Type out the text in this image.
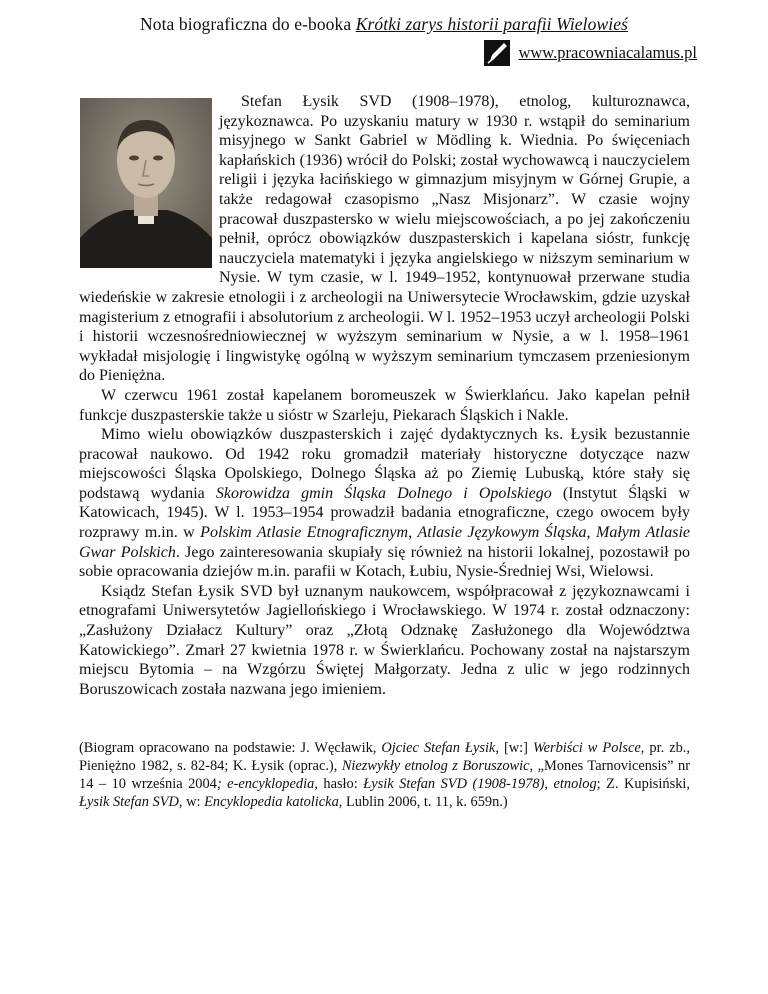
Nota biograficzna do e-booka Krótki zarys historii parafii Wielowieś
www.pracowniacalamus.pl

Stefan Łysik SVD (1908–1978), etnolog, kulturoznawca, językoznawca. Po uzyskaniu matury w 1930 r. wstąpił do seminarium misyjnego w Sankt Gabriel w Mödling k. Wiednia. Po święceniach kapłańskich (1936) wrócił do Polski; został wychowawcą i nauczycielem religii i języka łacińskiego w gimnazjum misyjnym w Górnej Grupie, a także redagował czasopismo „Nasz Misjonarz”. W czasie wojny pracował duszpastersko w wielu miejscowościach, a po jej zakończeniu pełnił, oprócz obowiązków duszpasterskich i kapelana sióstr, funkcję nauczyciela matematyki i języka angielskiego w niższym seminarium w Nysie. W tym czasie, w l. 1949–1952, kontynuował przerwane studia wiedeńskie w zakresie etnologii i z archeologii na Uniwersytecie Wrocławskim, gdzie uzyskał magisterium z etnografii i absolutorium z archeologii. W l. 1952–1953 uczył archeologii Polski i historii wczesnośredniowiecznej w wyższym seminarium w Nysie, a w l. 1958–1961 wykładał misjologię i lingwistykę ogólną w wyższym seminarium tymczasem przeniesionym do Pieniężna.

W czerwcu 1961 został kapelanem boromeuszek w Świerklańcu. Jako kapelan pełnił funkcje duszpasterskie także u sióstr w Szarleju, Piekarach Śląskich i Nakle.

Mimo wielu obowiązków duszpasterskich i zajęć dydaktycznych ks. Łysik bezustannie pracował naukowo. Od 1942 roku gromadził materiały historyczne dotyczące nazw miejscowości Śląska Opolskiego, Dolnego Śląska aż po Ziemię Lubuską, które stały się podstawą wydania Skorowidza gmin Śląska Dolnego i Opolskiego (Instytut Śląski w Katowicach, 1945). W l. 1953–1954 prowadził badania etnograficzne, czego owocem były rozprawy m.in. w Polskim Atlasie Etnograficznym, Atlasie Językowym Śląska, Małym Atlasie Gwar Polskich. Jego zainteresowania skupiały się również na historii lokalnej, pozostawił po sobie opracowania dziejów m.in. parafii w Kotach, Łubiu, Nysie-Średniej Wsi, Wielowsi.

Ksiądz Stefan Łysik SVD był uznanym naukowcem, współpracował z językoznawcami i etnografami Uniwersytetów Jagiellońskiego i Wrocławskiego. W 1974 r. został odznaczony: „Zasłużony Działacz Kultury” oraz „Złotą Odznakę Zasłużonego dla Województwa Katowickiego”. Zmarł 27 kwietnia 1978 r. w Świerklańcu. Pochowany został na najstarszym miejscu Bytomia – na Wzgórzu Świętej Małgorzaty. Jedna z ulic w jego rodzinnych Boruszowicach została nazwana jego imieniem.

(Biogram opracowano na podstawie: J. Węcławik, Ojciec Stefan Łysik, [w:] Werbiści w Polsce, pr. zb., Pieniężno 1982, s. 82-84; K. Łysik (oprac.), Niezwykły etnolog z Boruszowic, „Mones Tarnovicensis” nr 14 – 10 września 2004; e-encyklopedia, hasło: Łysik Stefan SVD (1908-1978), etnolog; Z. Kupisiński, Łysik Stefan SVD, w: Encyklopedia katolicka, Lublin 2006, t. 11, k. 659n.)
